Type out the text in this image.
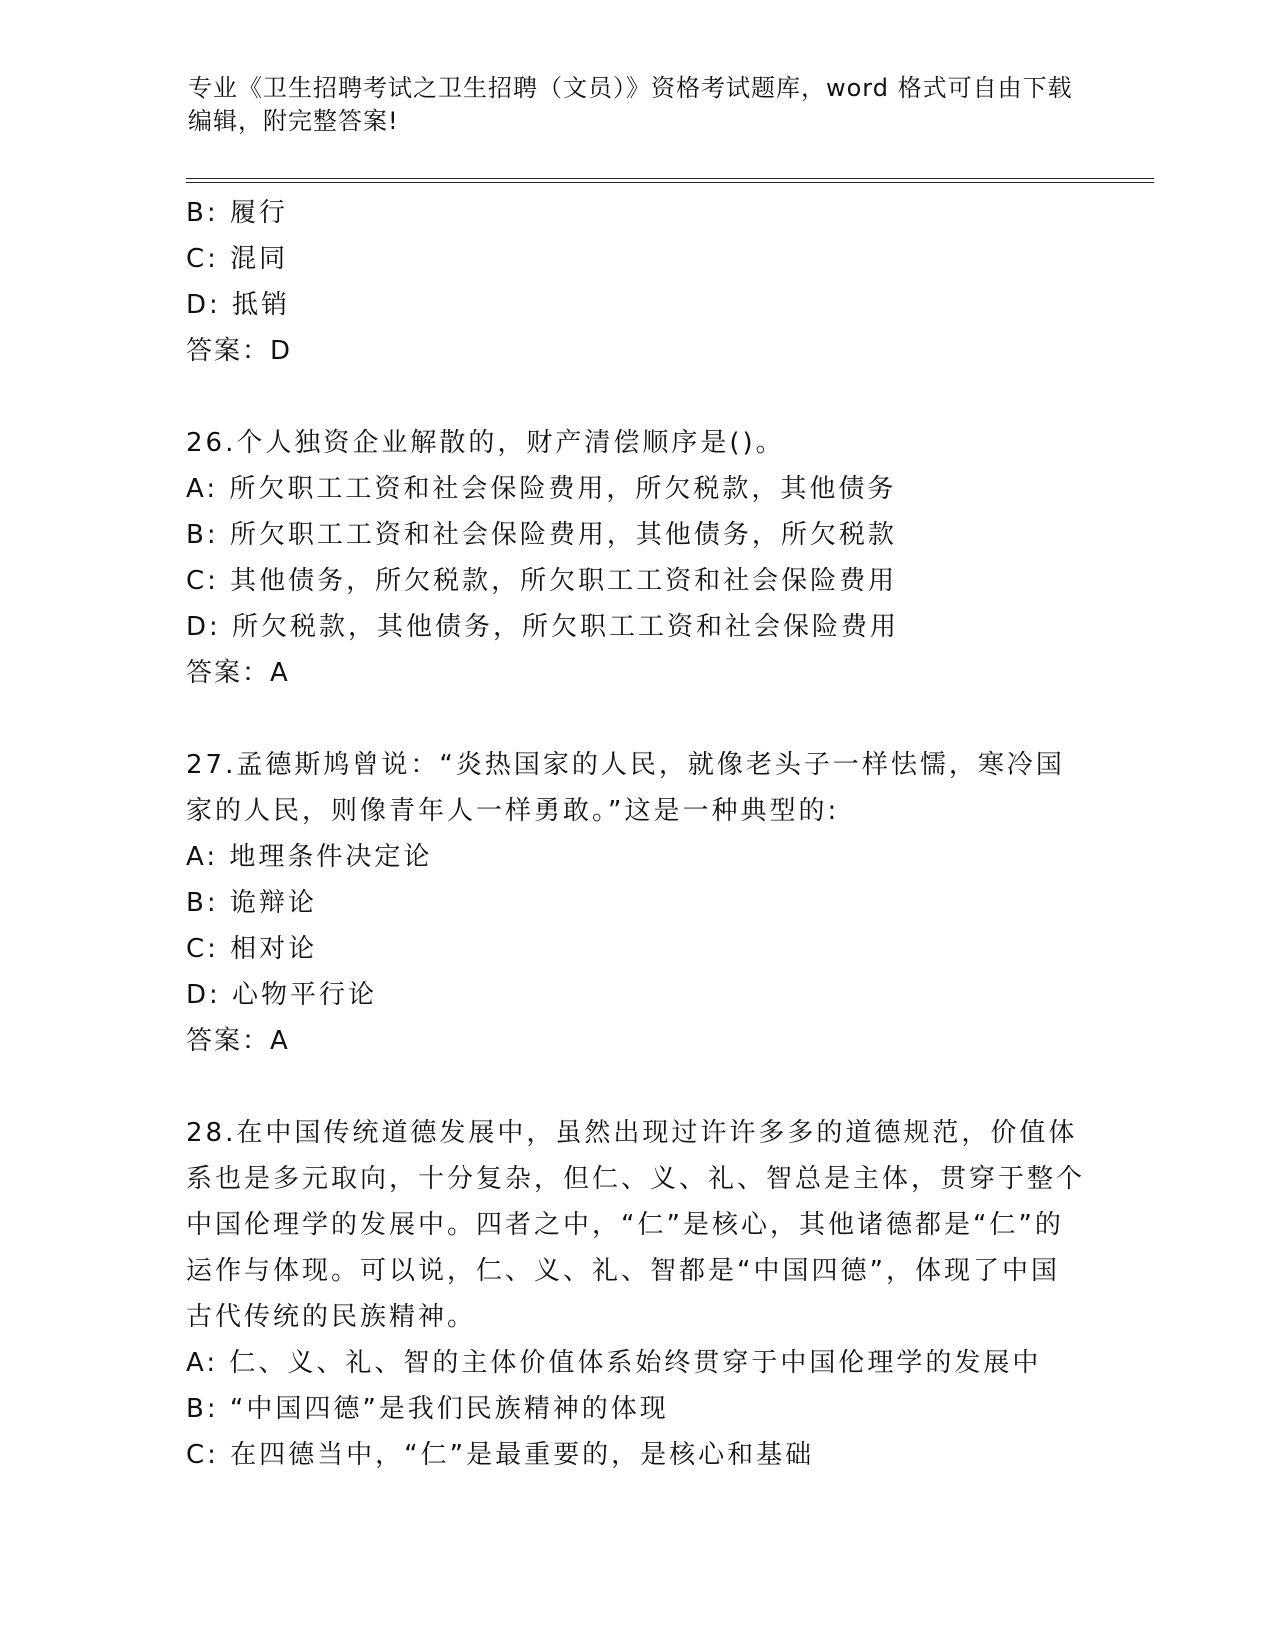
专业《卫生招聘考试之卫生招聘（文员）》资格考试题库，word 格式可自由下载
编辑，附完整答案!
B: 履行
C: 混同
D: 抵销
答案：D
26.个人独资企业解散的，财产清偿顺序是()。
A: 所欠职工工资和社会保险费用，所欠税款，其他债务
B: 所欠职工工资和社会保险费用，其他债务，所欠税款
C: 其他债务，所欠税款，所欠职工工资和社会保险费用
D: 所欠税款，其他债务，所欠职工工资和社会保险费用
答案：A
27.孟德斯鸠曾说：“炎热国家的人民，就像老头子一样怯懦，寒冷国家的人民，则像青年人一样勇敢。”这是一种典型的:
A: 地理条件决定论
B: 诡辩论
C: 相对论
D: 心物平行论
答案：A
28.在中国传统道德发展中，虽然出现过许许多多的道德规范，价值体系也是多元取向，十分复杂，但仁、义、礼、智总是主体，贯穿于整个中国伦理学的发展中。四者之中，“仁”是核心，其他诸德都是“仁”的运作与体现。可以说，仁、义、礼、智都是“中国四德”，体现了中国古代传统的民族精神。
A: 仁、义、礼、智的主体价值体系始终贯穿于中国伦理学的发展中
B: “中国四德”是我们民族精神的体现
C: 在四德当中，“仁”是最重要的，是核心和基础
